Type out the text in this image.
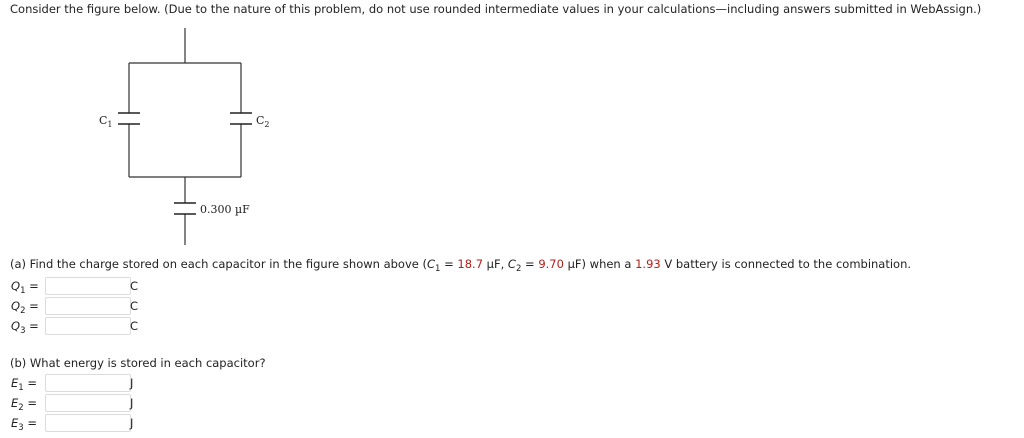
Consider the figure below. (Due to the nature of this problem, do not use rounded intermediate values in your calculations—including answers submitted in WebAssign.)
$C_1$	$C_2$
0.300 µF
(a) Find the charge stored on each capacitor in the figure shown above ($C_1 = 18.7$ µF, $C_2 = 9.70$ µF) when a 1.93 V battery is connected to the combination.
$Q_1$ =	C
$Q_2$ =	C
$Q_3$ =	C
(b) What energy is stored in each capacitor?
$E_1$ =	J
$E_2$ =	J
$E_3$ =	J
